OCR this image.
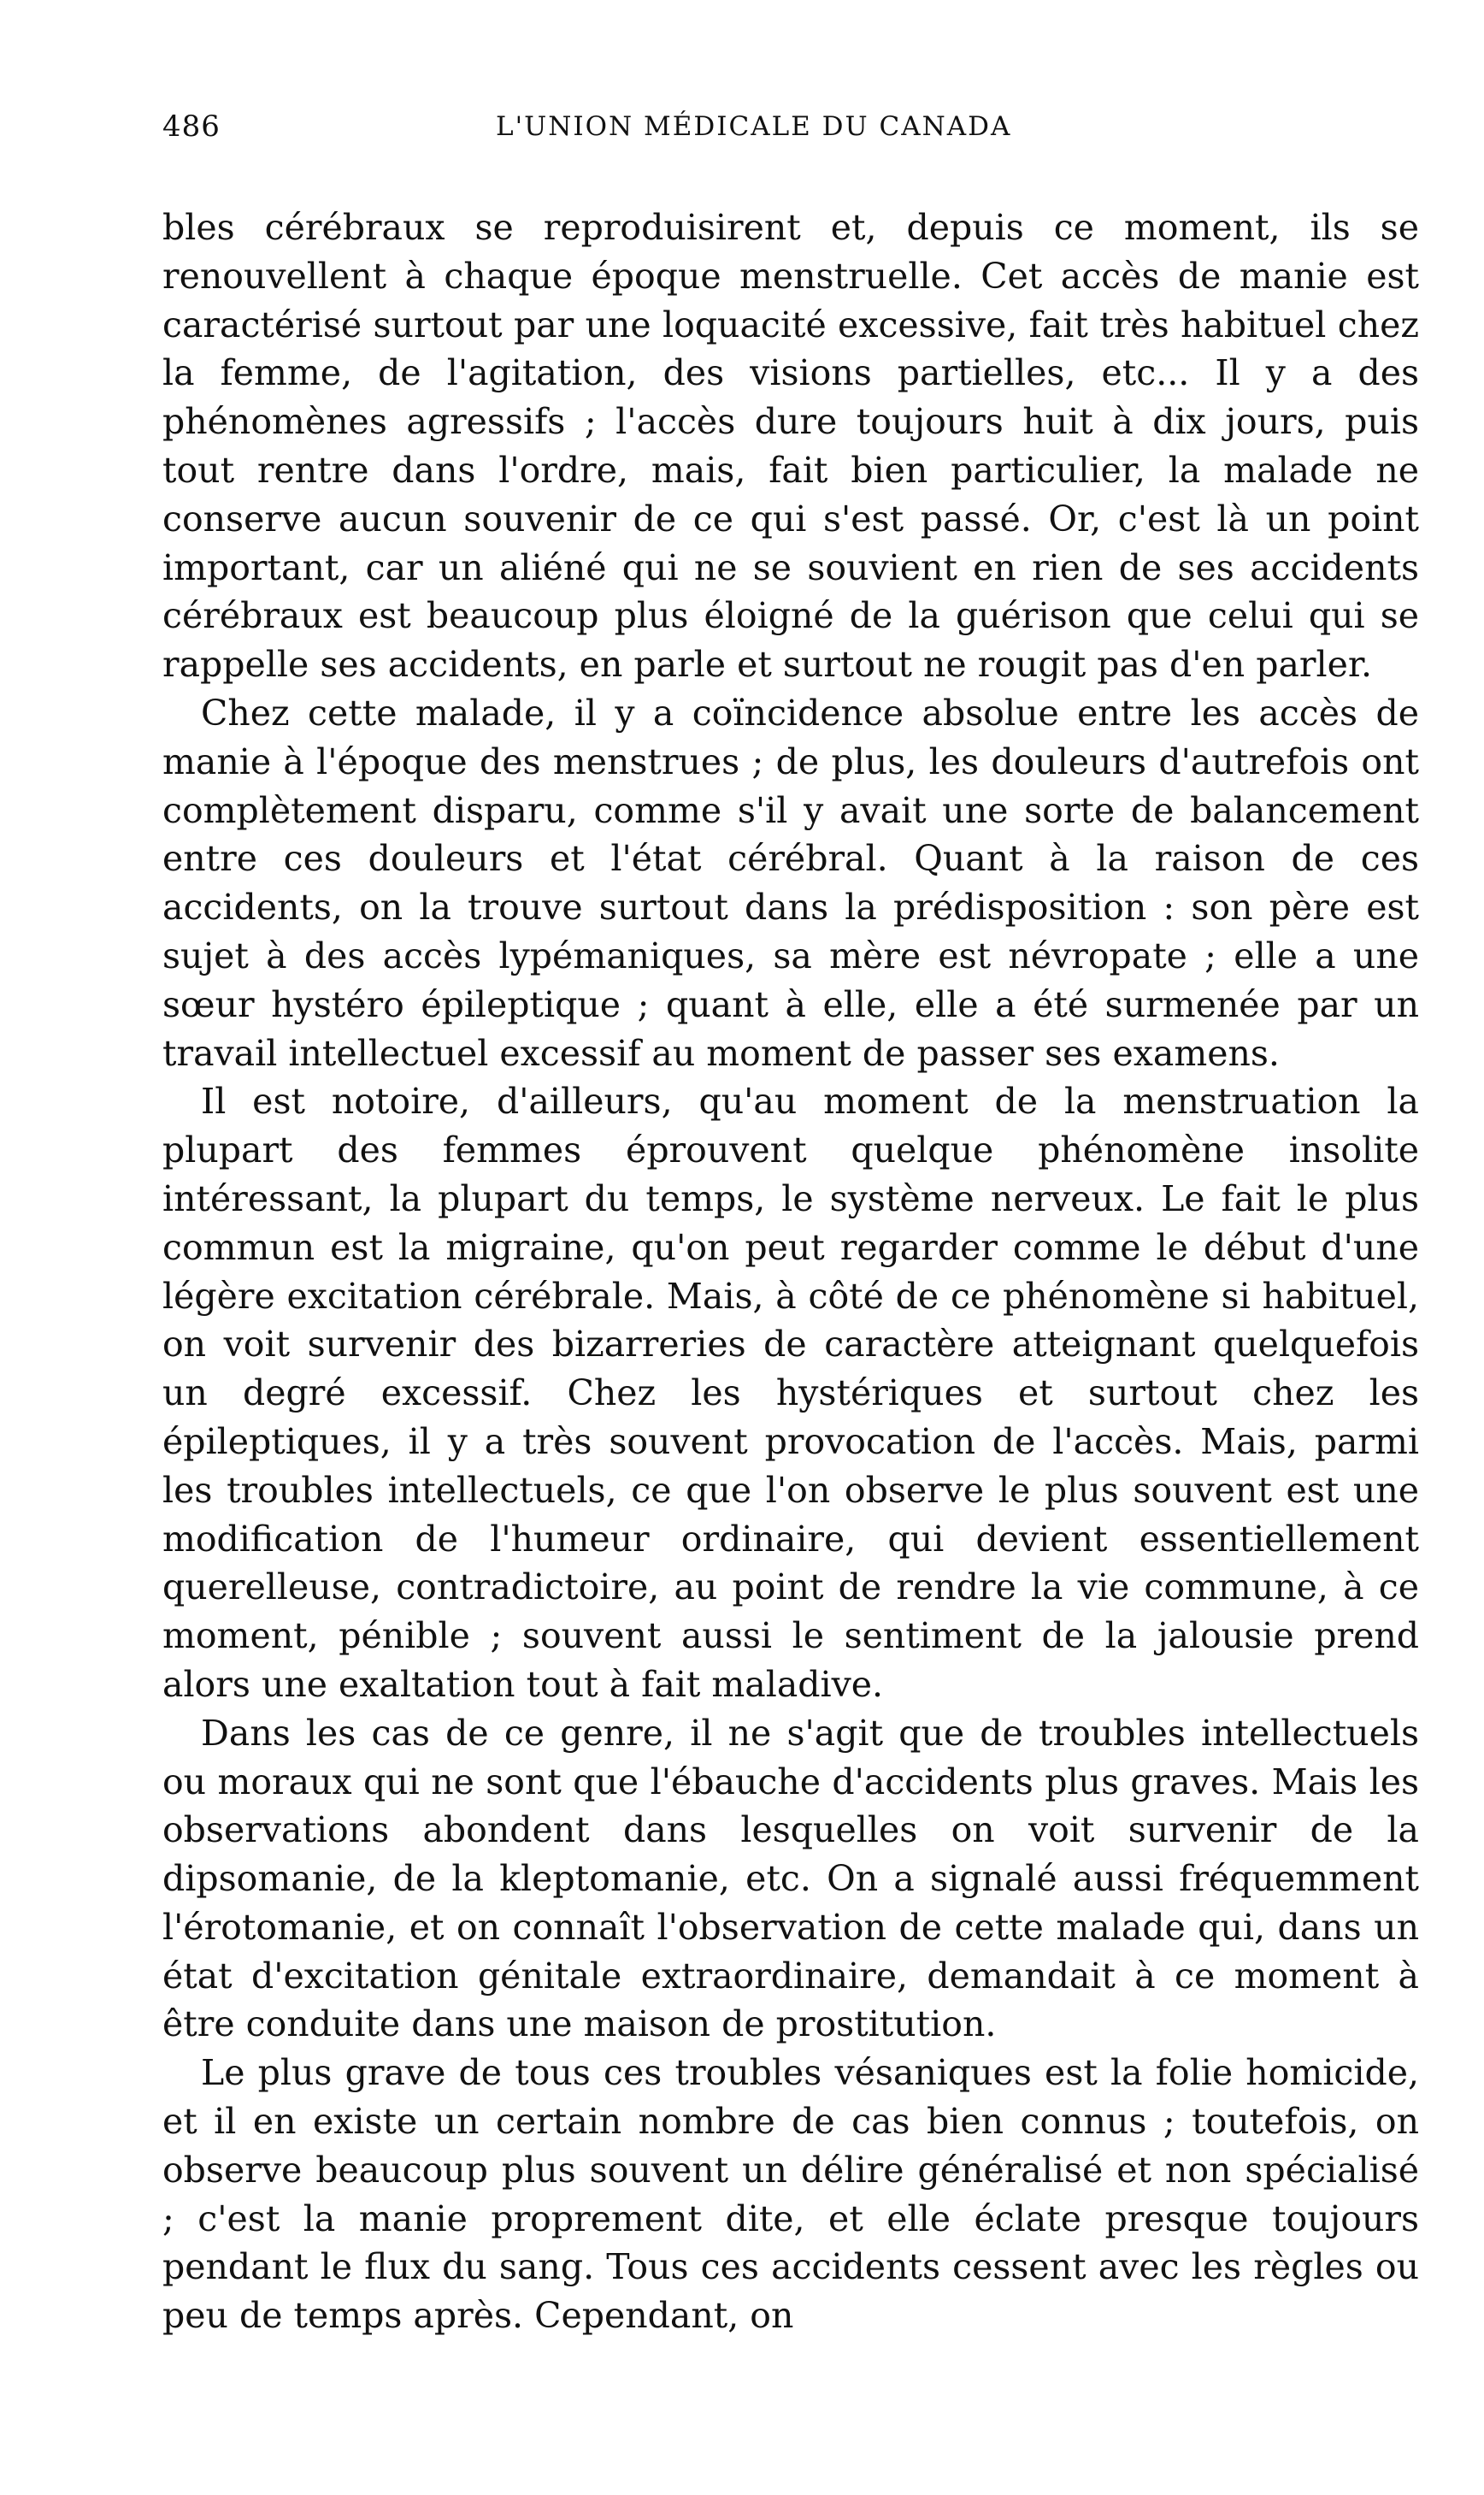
486	L'UNION MÉDICALE DU CANADA

bles cérébraux se reproduisirent et, depuis ce moment, ils se renouvellent à chaque époque menstruelle. Cet accès de manie est caractérisé surtout par une loquacité excessive, fait très habituel chez la femme, de l'agitation, des visions partielles, etc... Il y a des phénomènes agressifs ; l'accès dure toujours huit à dix jours, puis tout rentre dans l'ordre, mais, fait bien particulier, la malade ne conserve aucun souvenir de ce qui s'est passé. Or, c'est là un point important, car un aliéné qui ne se souvient en rien de ses accidents cérébraux est beaucoup plus éloigné de la guérison que celui qui se rappelle ses accidents, en parle et surtout ne rougit pas d'en parler.

Chez cette malade, il y a coïncidence absolue entre les accès de manie à l'époque des menstrues ; de plus, les douleurs d'autrefois ont complètement disparu, comme s'il y avait une sorte de balancement entre ces douleurs et l'état cérébral. Quant à la raison de ces accidents, on la trouve surtout dans la prédisposition : son père est sujet à des accès lypémaniques, sa mère est névropate ; elle a une sœur hystéro épileptique ; quant à elle, elle a été surmenée par un travail intellectuel excessif au moment de passer ses examens.

Il est notoire, d'ailleurs, qu'au moment de la menstruation la plupart des femmes éprouvent quelque phénomène insolite intéressant, la plupart du temps, le système nerveux. Le fait le plus commun est la migraine, qu'on peut regarder comme le début d'une légère excitation cérébrale. Mais, à côté de ce phénomène si habituel, on voit survenir des bizarreries de caractère atteignant quelquefois un degré excessif. Chez les hystériques et surtout chez les épileptiques, il y a très souvent provocation de l'accès. Mais, parmi les troubles intellectuels, ce que l'on observe le plus souvent est une modification de l'humeur ordinaire, qui devient essentiellement querelleuse, contradictoire, au point de rendre la vie commune, à ce moment, pénible ; souvent aussi le sentiment de la jalousie prend alors une exaltation tout à fait maladive.

Dans les cas de ce genre, il ne s'agit que de troubles intellectuels ou moraux qui ne sont que l'ébauche d'accidents plus graves. Mais les observations abondent dans lesquelles on voit survenir de la dipsomanie, de la kleptomanie, etc. On a signalé aussi fréquemment l'érotomanie, et on connaît l'observation de cette malade qui, dans un état d'excitation génitale extraordinaire, demandait à ce moment à être conduite dans une maison de prostitution.

Le plus grave de tous ces troubles vésaniques est la folie homicide, et il en existe un certain nombre de cas bien connus ; toutefois, on observe beaucoup plus souvent un délire généralisé et non spécialisé ; c'est la manie proprement dite, et elle éclate presque toujours pendant le flux du sang. Tous ces accidents cessent avec les règles ou peu de temps après. Cependant, on
